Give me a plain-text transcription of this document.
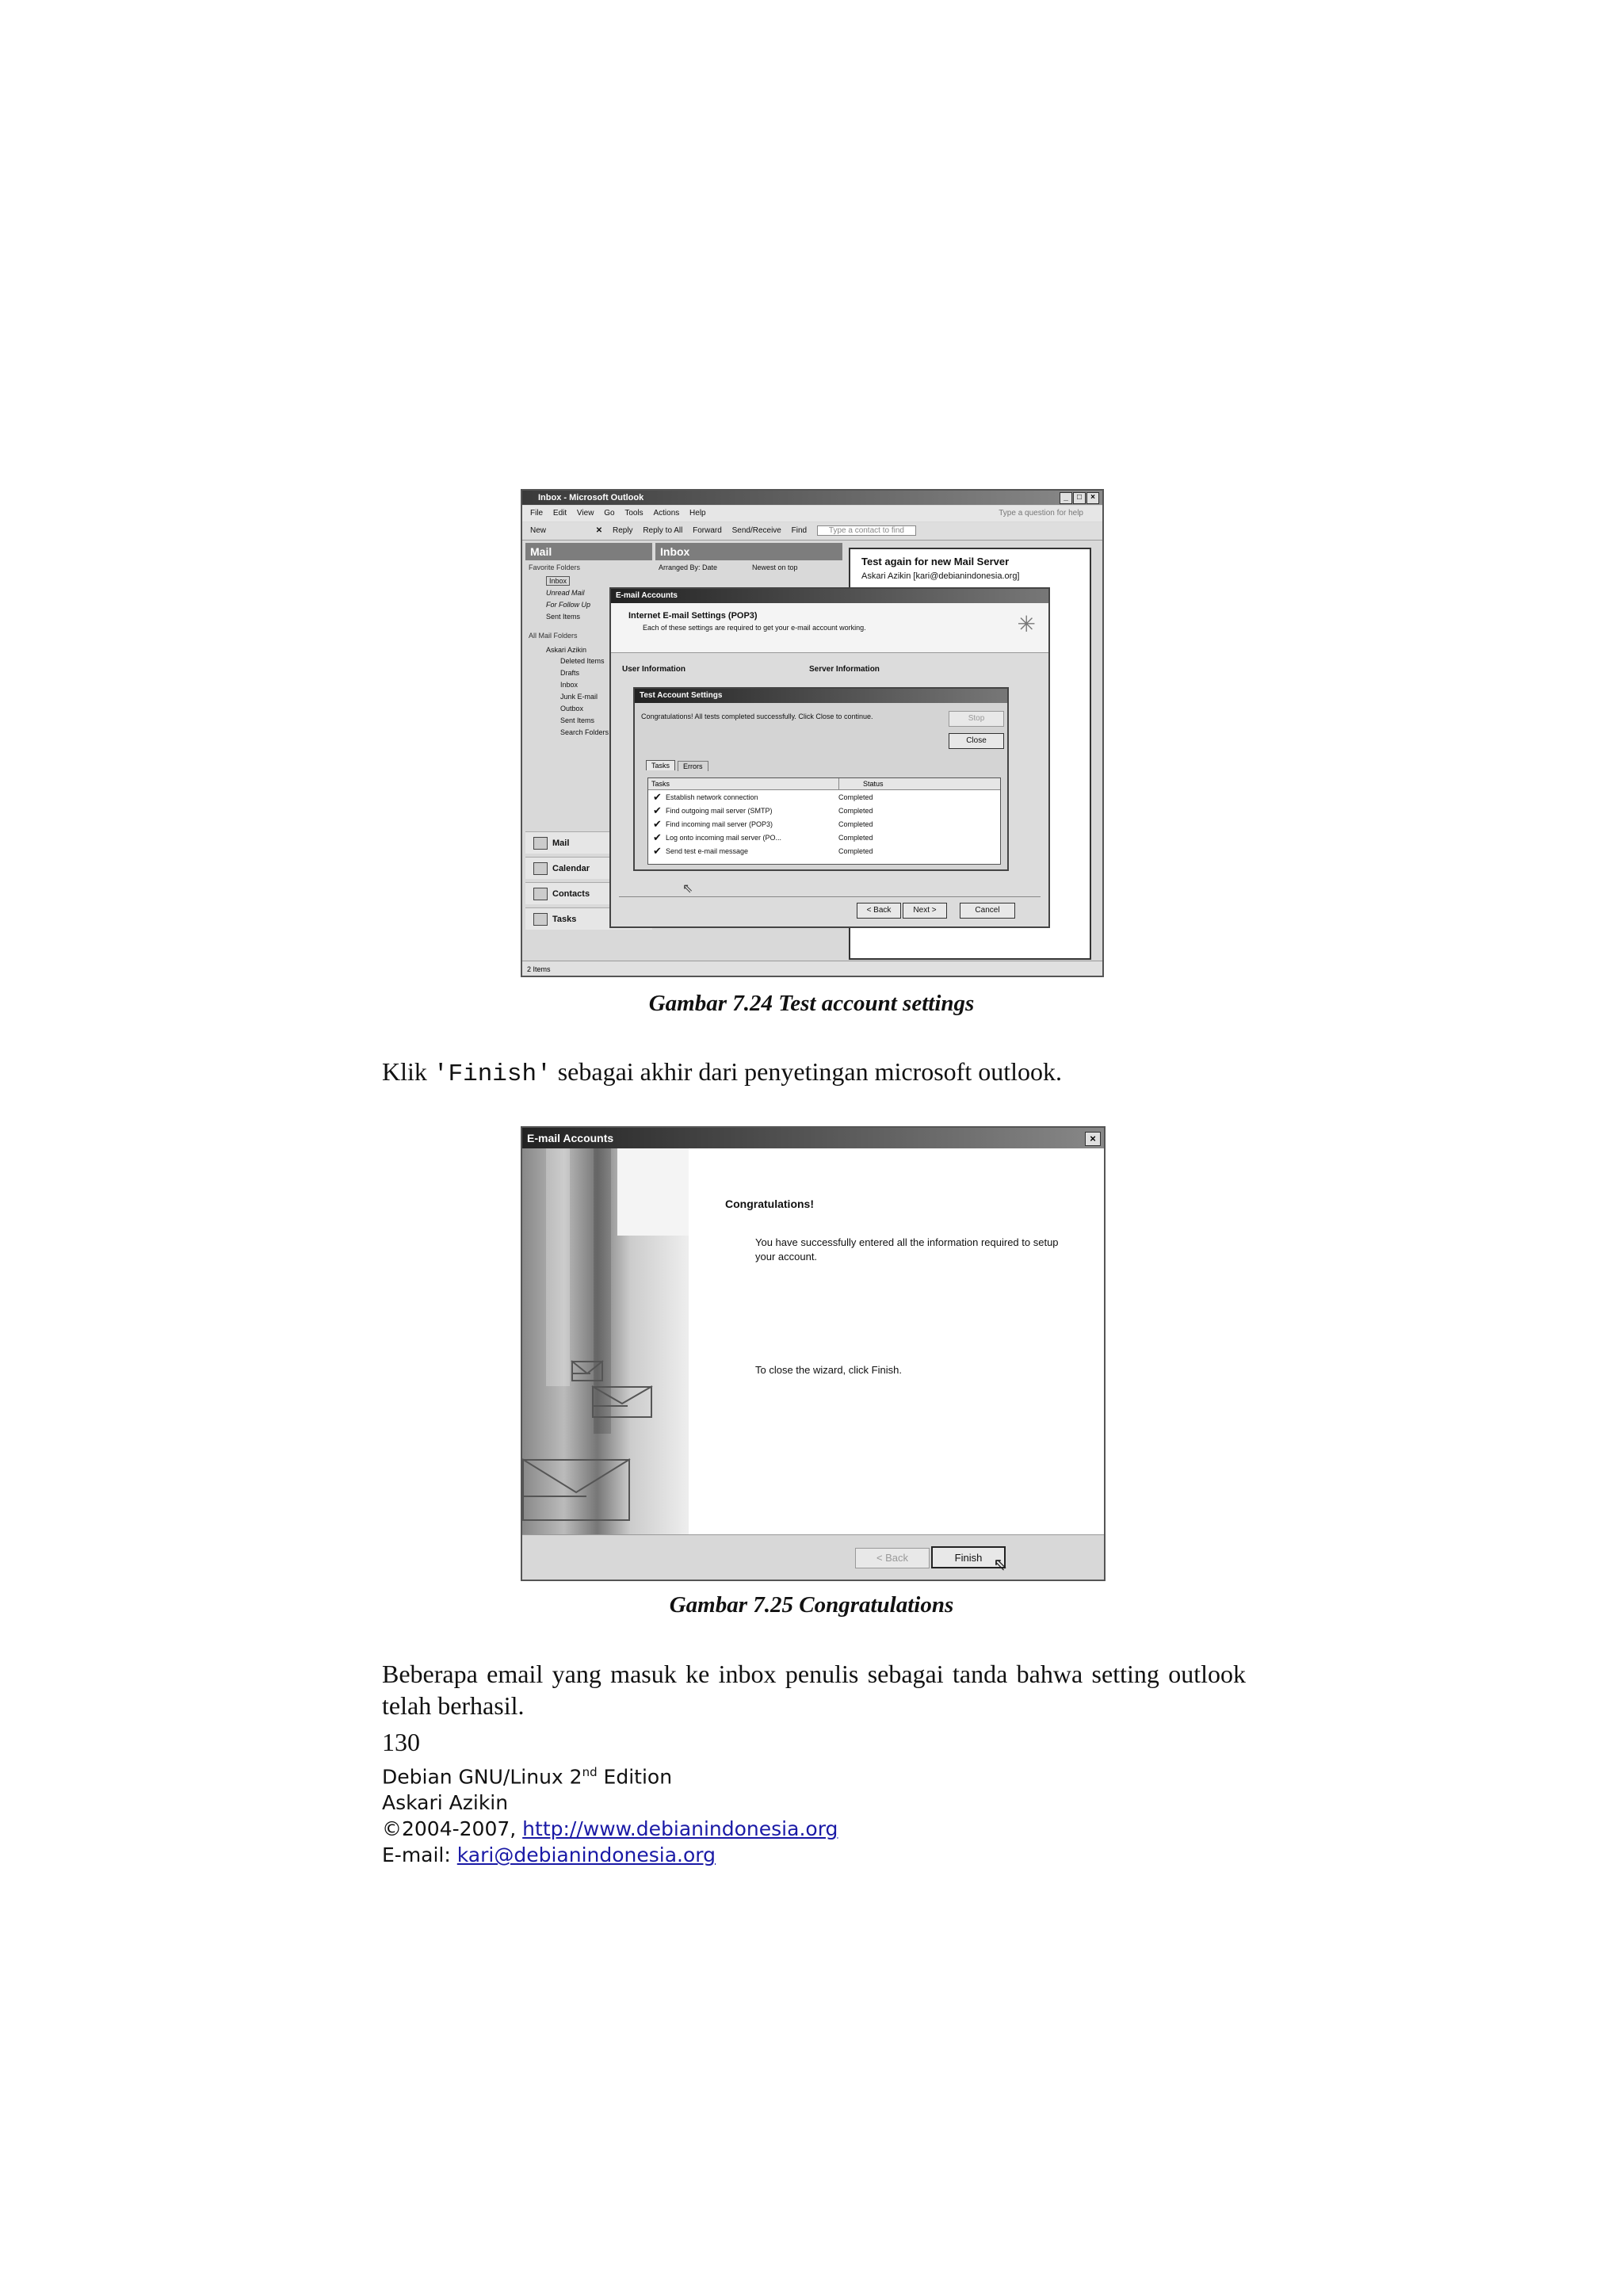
Inbox - Microsoft Outlook	_	□	×
File Edit View Go Tools Actions Help	Type a question for help
New	✕ Reply Reply to All Forward Send/Receive Find	Type a contact to find
Mail
Favorite Folders
Inbox
Unread Mail
For Follow Up
Sent Items
All Mail Folders
Askari Azikin
Deleted Items
Drafts
Inbox
Junk E-mail
Outbox
Sent Items
Search Folders
Mail
Calendar
Contacts
Tasks
Inbox
Arranged By: Date	Newest on top	Test again for new Mail Server
Askari Azikin [kari@debianindonesia.org]
2 Items
E-mail Accounts
Internet E-mail Settings (POP3)
Each of these settings are required to get your e-mail account working.	✳
User Information	Server Information
< Back	Next >	Cancel
⇖
Test Account Settings
Congratulations! All tests completed successfully. Click Close to continue.	Stop
Close
Tasks	Errors
Tasks	Status
✔ Establish network connection	Completed
✔ Find outgoing mail server (SMTP)	Completed
✔ Find incoming mail server (POP3)	Completed
✔ Log onto incoming mail server (PO...	Completed
✔ Send test e-mail message	Completed
Gambar 7.24 Test account settings
Klik 'Finish' sebagai akhir dari penyetingan microsoft outlook.
E-mail Accounts	×
Congratulations!
You have successfully entered all the information required to setup your account.
To close the wizard, click Finish.
< Back	Finish ⇖
Gambar 7.25 Congratulations
Beberapa email yang masuk ke inbox penulis sebagai tanda bahwa setting outlook telah berhasil.
130
Debian GNU/Linux 2nd Edition
Askari Azikin
©2004-2007, http://www.debianindonesia.org
E-mail: kari@debianindonesia.org
